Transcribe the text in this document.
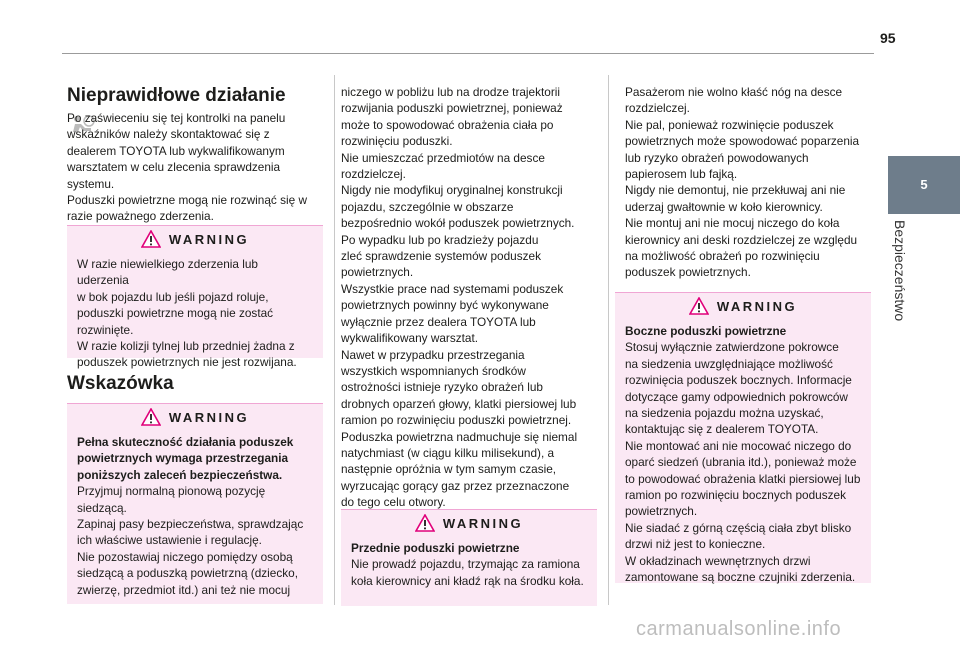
95
5
Bezpieczeństwo
Nieprawidłowe działanie
Po zaświeceniu się tej kontrolki na panelu
wskaźników należy skontaktować się z
dealerem TOYOTA lub wykwalifikowanym
warsztatem w celu zlecenia sprawdzenia
systemu.
Poduszki powietrzne mogą nie rozwinąć się w
razie poważnego zderzenia.
WARNING
W razie niewielkiego zderzenia lub uderzenia
w bok pojazdu lub jeśli pojazd roluje,
poduszki powietrzne mogą nie zostać
rozwinięte.
W razie kolizji tylnej lub przedniej żadna z
poduszek powietrznych nie jest rozwijana.
Wskazówka
WARNING
Pełna skuteczność działania poduszek
powietrznych wymaga przestrzegania
poniższych zaleceń bezpieczeństwa.
Przyjmuj normalną pionową pozycję
siedzącą.
Zapinaj pasy bezpieczeństwa, sprawdzając
ich właściwe ustawienie i regulację.
Nie pozostawiaj niczego pomiędzy osobą
siedzącą a poduszką powietrzną (dziecko,
zwierzę, przedmiot itd.) ani też nie mocuj
niczego w pobliżu lub na drodze trajektorii
rozwijania poduszki powietrznej, ponieważ
może to spowodować obrażenia ciała po
rozwinięciu poduszki.
Nie umieszczać przedmiotów na desce
rozdzielczej.
Nigdy nie modyfikuj oryginalnej konstrukcji
pojazdu, szczególnie w obszarze
bezpośrednio wokół poduszek powietrznych.
Po wypadku lub po kradzieży pojazdu
zleć sprawdzenie systemów poduszek
powietrznych.
Wszystkie prace nad systemami poduszek
powietrznych powinny być wykonywane
wyłącznie przez dealera TOYOTA lub
wykwalifikowany warsztat.
Nawet w przypadku przestrzegania
wszystkich wspomnianych środków
ostrożności istnieje ryzyko obrażeń lub
drobnych oparzeń głowy, klatki piersiowej lub
ramion po rozwinięciu poduszki powietrznej.
Poduszka powietrzna nadmuchuje się niemal
natychmiast (w ciągu kilku milisekund), a
następnie opróżnia w tym samym czasie,
wyrzucając gorący gaz przez przeznaczone
do tego celu otwory.
WARNING
Przednie poduszki powietrzne
Nie prowadź pojazdu, trzymając za ramiona
koła kierownicy ani kładź rąk na środku koła.
Pasażerom nie wolno kłaść nóg na desce
rozdzielczej.
Nie pal, ponieważ rozwinięcie poduszek
powietrznych może spowodować poparzenia
lub ryzyko obrażeń powodowanych
papierosem lub fajką.
Nigdy nie demontuj, nie przekłuwaj ani nie
uderzaj gwałtownie w koło kierownicy.
Nie montuj ani nie mocuj niczego do koła
kierownicy ani deski rozdzielczej ze względu
na możliwość obrażeń po rozwinięciu
poduszek powietrznych.
WARNING
Boczne poduszki powietrzne
Stosuj wyłącznie zatwierdzone pokrowce
na siedzenia uwzględniające możliwość
rozwinięcia poduszek bocznych. Informacje
dotyczące gamy odpowiednich pokrowców
na siedzenia pojazdu można uzyskać,
kontaktując się z dealerem TOYOTA.
Nie montować ani nie mocować niczego do
oparć siedzeń (ubrania itd.), ponieważ może
to powodować obrażenia klatki piersiowej lub
ramion po rozwinięciu bocznych poduszek
powietrznych.
Nie siadać z górną częścią ciała zbyt blisko
drzwi niż jest to konieczne.
W okładzinach wewnętrznych drzwi
zamontowane są boczne czujniki zderzenia.
carmanualsonline.info
